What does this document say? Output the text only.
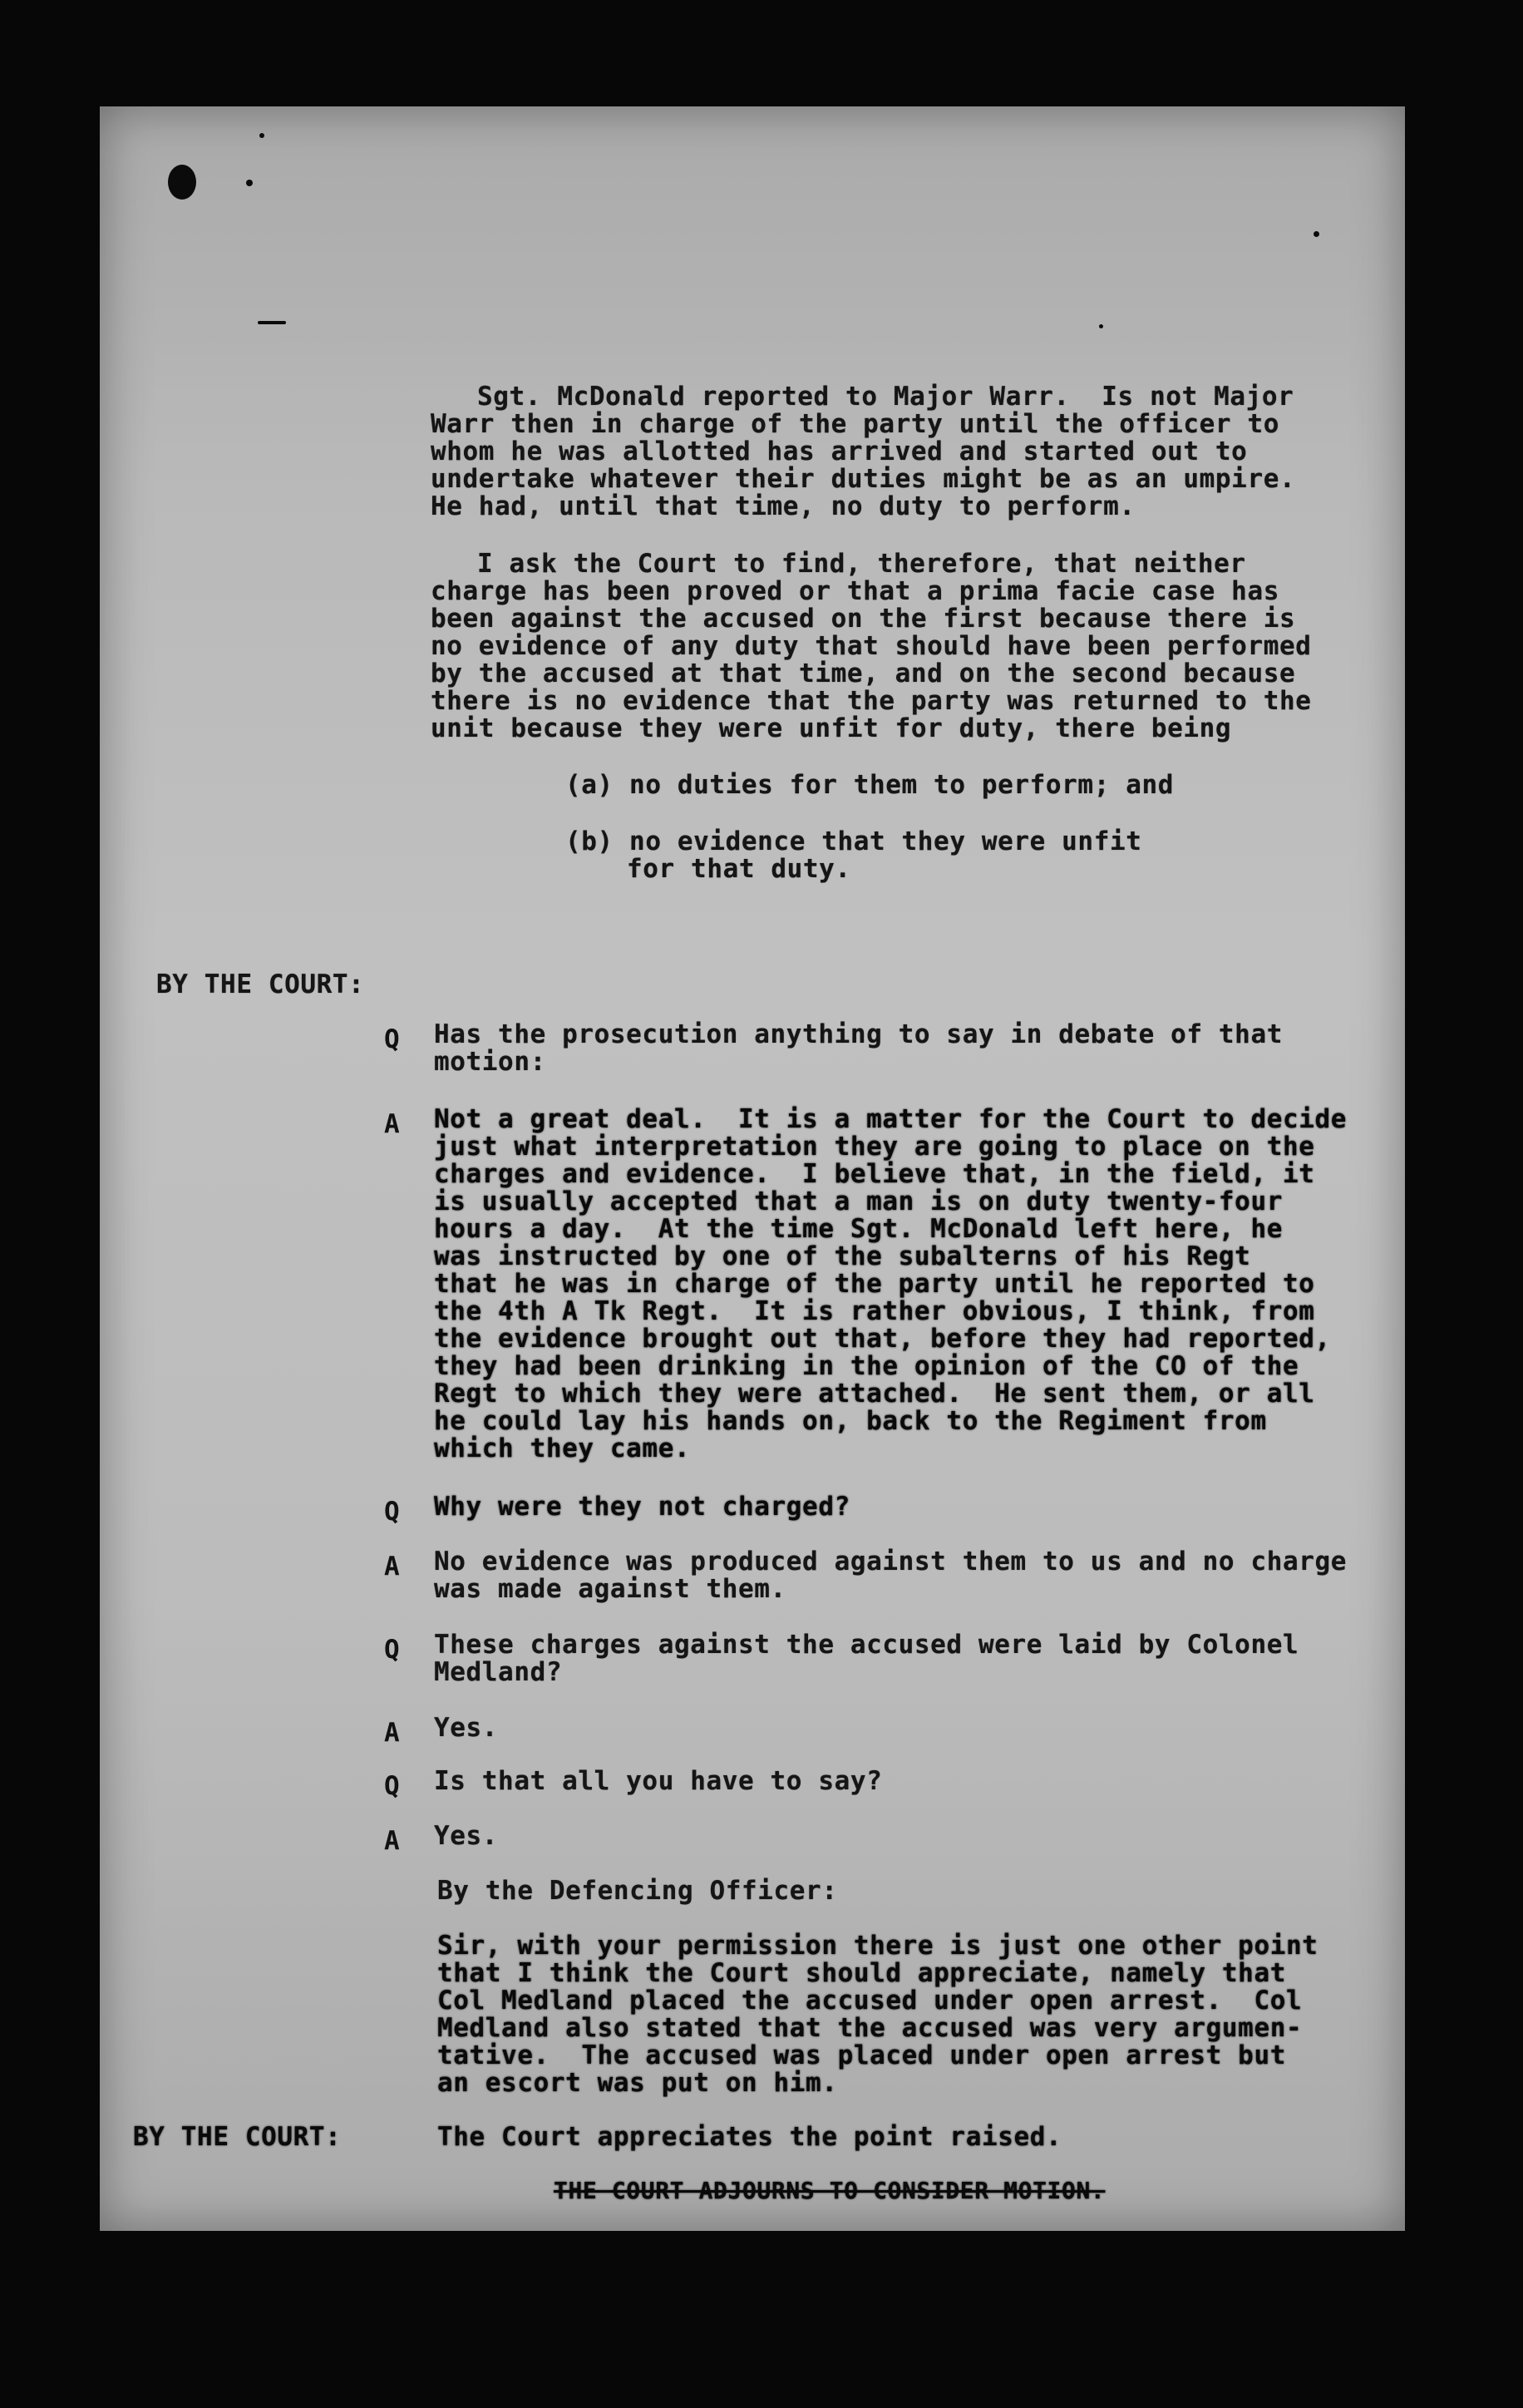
Sgt. McDonald reported to Major Warr.  Is not Major
Warr then in charge of the party until the officer to
whom he was allotted has arrived and started out to
undertake whatever their duties might be as an umpire.
He had, until that time, no duty to perform.
I ask the Court to find, therefore, that neither
charge has been proved or that a prima facie case has
been against the accused on the first because there is
no evidence of any duty that should have been performed
by the accused at that time, and on the second because
there is no evidence that the party was returned to the
unit because they were unfit for duty, there being
(a) no duties for them to perform; and
(b) no evidence that they were unfit
for that duty.
BY THE COURT:
Q Has the prosecution anything to say in debate of that
motion:
A Not a great deal.  It is a matter for the Court to decide
just what interpretation they are going to place on the
charges and evidence.  I believe that, in the field, it
is usually accepted that a man is on duty twenty-four
hours a day.  At the time Sgt. McDonald left here, he
was instructed by one of the subalterns of his Regt
that he was in charge of the party until he reported to
the 4th A Tk Regt.  It is rather obvious, I think, from
the evidence brought out that, before they had reported,
they had been drinking in the opinion of the CO of the
Regt to which they were attached.  He sent them, or all
he could lay his hands on, back to the Regiment from
which they came.
Q Why were they not charged?
A No evidence was produced against them to us and no charge
was made against them.
Q These charges against the accused were laid by Colonel
Medland?
A Yes.
Q Is that all you have to say?
A Yes.
By the Defencing Officer:
Sir, with your permission there is just one other point
that I think the Court should appreciate, namely that
Col Medland placed the accused under open arrest.  Col
Medland also stated that the accused was very argumen-
tative.  The accused was placed under open arrest but
an escort was put on him.
BY THE COURT:	The Court appreciates the point raised.
THE COURT ADJOURNS TO CONSIDER MOTION.
